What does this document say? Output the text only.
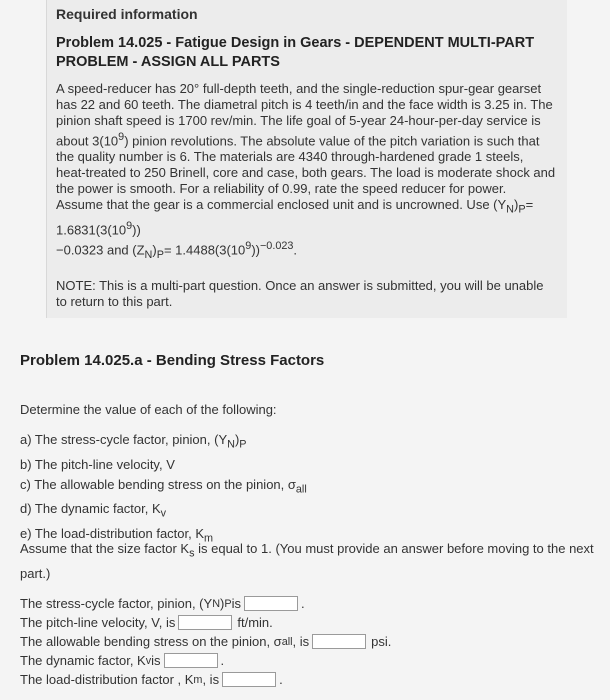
Required information
Problem 14.025 - Fatigue Design in Gears - DEPENDENT MULTI-PART PROBLEM - ASSIGN ALL PARTS
A speed-reducer has 20° full-depth teeth, and the single-reduction spur-gear gearset has 22 and 60 teeth. The diametral pitch is 4 teeth/in and the face width is 3.25 in. The pinion shaft speed is 1700 rev/min. The life goal of 5-year 24-hour-per-day service is about $3(10^9)$ pinion revolutions. The absolute value of the pitch variation is such that the quality number is 6. The materials are 4340 through-hardened grade 1 steels, heat-treated to 250 Brinell, core and case, both gears. The load is moderate shock and the power is smooth. For a reliability of 0.99, rate the speed reducer for power. Assume that the gear is a commercial enclosed unit and is uncrowned. Use $(Y_N)_P= 1.6831(3(10^9))$
−0.0323 and $(Z_N)_P= 1.4488(3(10^9))^{-0.023}$.
NOTE: This is a multi-part question. Once an answer is submitted, you will be unable to return to this part.
Problem 14.025.a - Bending Stress Factors
Determine the value of each of the following:
a) The stress-cycle factor, pinion, $(Y_N)_P$
b) The pitch-line velocity, V
c) The allowable bending stress on the pinion, $\sigma_{all}$
d) The dynamic factor, $K_v$
e) The load-distribution factor, $K_m$
Assume that the size factor $K_s$ is equal to 1. (You must provide an answer before moving to the next part.)
The stress-cycle factor, pinion, (Y N ) P is	.
The pitch-line velocity, V, is	ft/min.
The allowable bending stress on the pinion, σ all , is	psi.
The dynamic factor, K v is	.
The load-distribution factor , K m , is	.
